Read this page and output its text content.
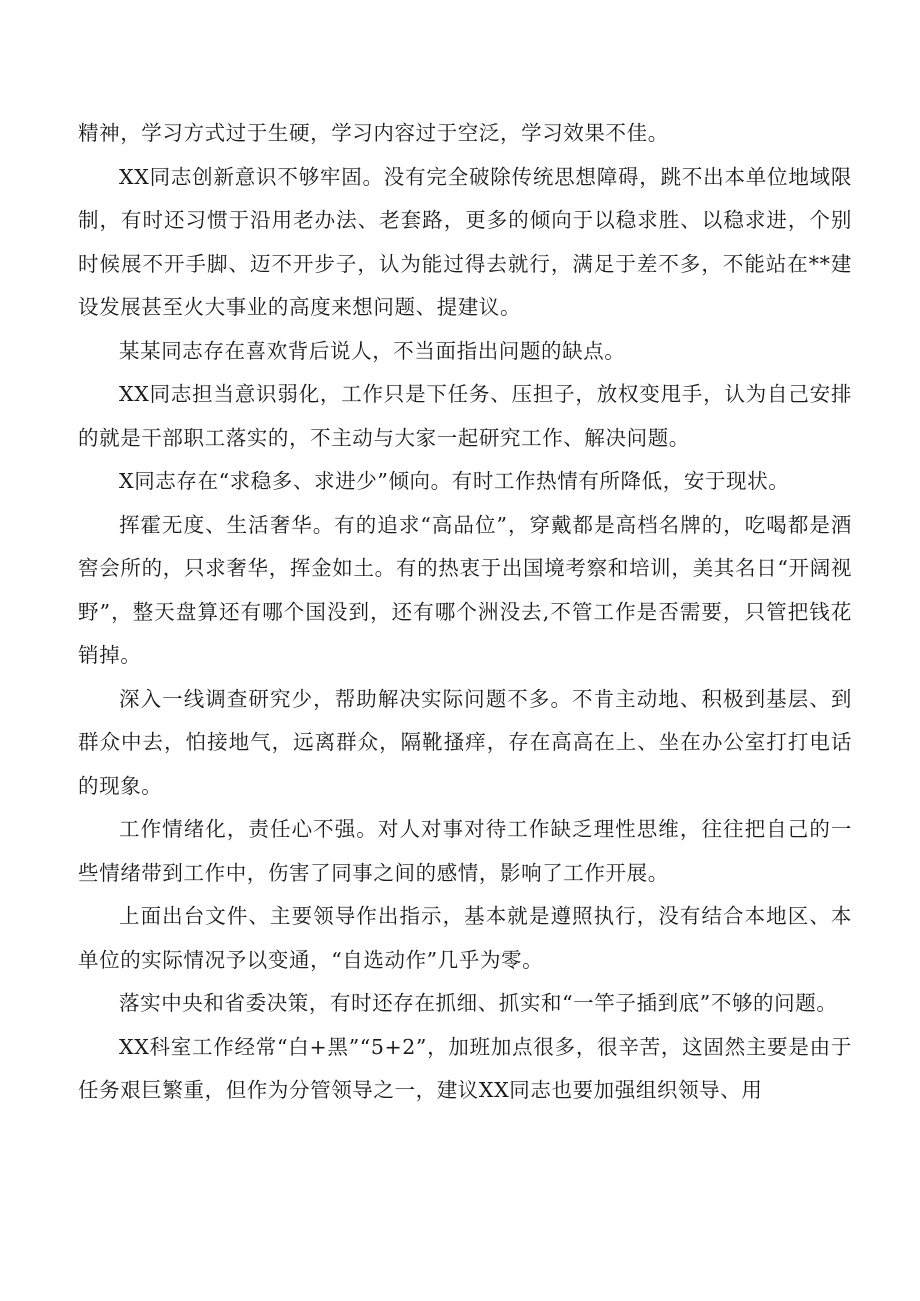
精神，学习方式过于生硬，学习内容过于空泛，学习效果不佳。

XX同志创新意识不够牢固。没有完全破除传统思想障碍，跳不出本单位地域限制，有时还习惯于沿用老办法、老套路，更多的倾向于以稳求胜、以稳求进，个别时候展不开手脚、迈不开步子，认为能过得去就行，满足于差不多，不能站在**建设发展甚至火大事业的高度来想问题、提建议。

某某同志存在喜欢背后说人，不当面指出问题的缺点。

XX同志担当意识弱化，工作只是下任务、压担子，放权变甩手，认为自己安排的就是干部职工落实的，不主动与大家一起研究工作、解决问题。

X同志存在“求稳多、求进少”倾向。有时工作热情有所降低，安于现状。

挥霍无度、生活奢华。有的追求“高品位”，穿戴都是高档名牌的，吃喝都是酒窖会所的，只求奢华，挥金如土。有的热衷于出国境考察和培训，美其名日“开阔视野”，整天盘算还有哪个国没到，还有哪个洲没去,不管工作是否需要，只管把钱花销掉。

深入一线调查研究少，帮助解决实际问题不多。不肯主动地、积极到基层、到群众中去，怕接地气，远离群众，隔靴搔痒，存在高高在上、坐在办公室打打电话的现象。

工作情绪化，责任心不强。对人对事对待工作缺乏理性思维，往往把自己的一些情绪带到工作中，伤害了同事之间的感情，影响了工作开展。

上面出台文件、主要领导作出指示，基本就是遵照执行，没有结合本地区、本单位的实际情况予以变通，“自选动作”几乎为零。

落实中央和省委决策，有时还存在抓细、抓实和“一竿子插到底”不够的问题。

XX科室工作经常“白+黑”“5+2”，加班加点很多，很辛苦，这固然主要是由于任务艰巨繁重，但作为分管领导之一，建议XX同志也要加强组织领导、用
